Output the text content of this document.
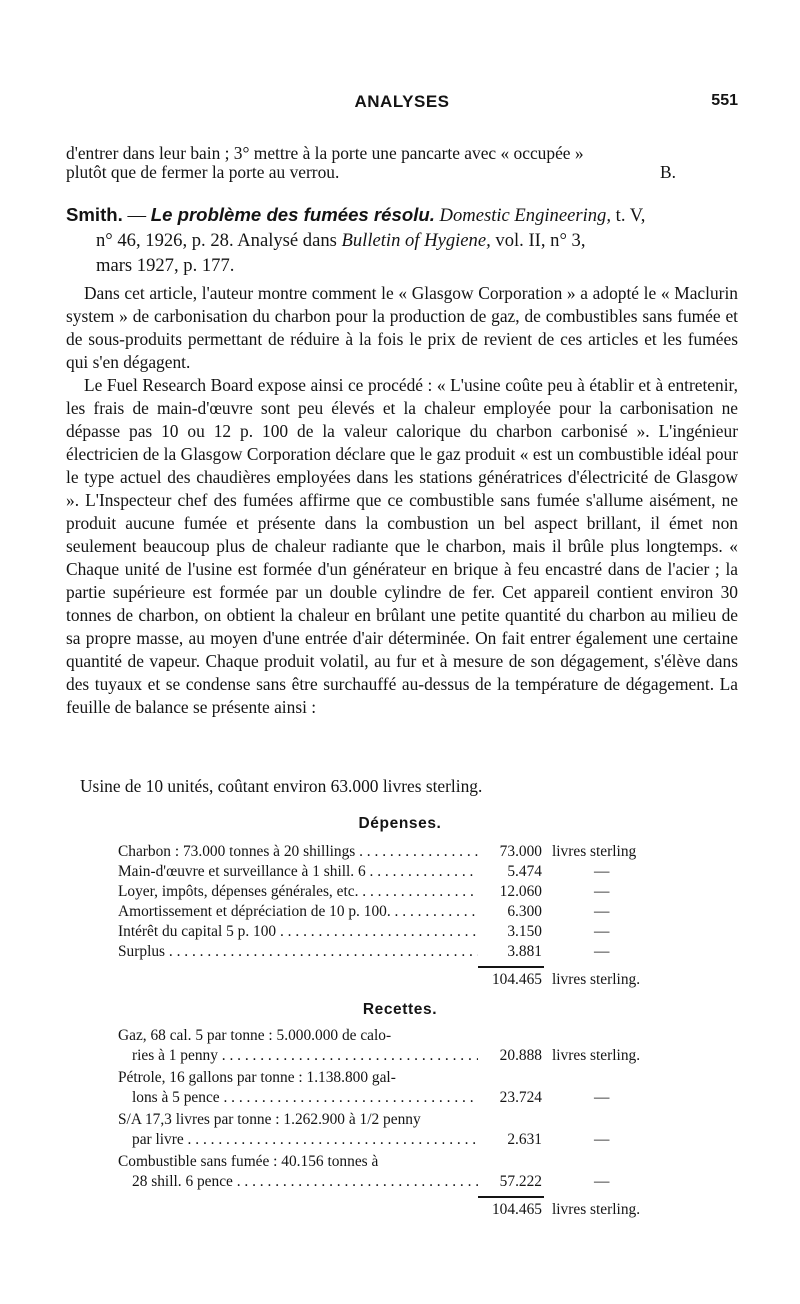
ANALYSES	551
d'entrer dans leur bain ; 3° mettre à la porte une pancarte avec « occupée »
plutôt que de fermer la porte au verrou.	B.
Smith. — Le problème des fumées résolu. Domestic Engineering, t. V,
n° 46, 1926, p. 28. Analysé dans Bulletin of Hygiene, vol. II, n° 3,
mars 1927, p. 177.
Dans cet article, l'auteur montre comment le « Glasgow Corporation » a adopté le « Maclurin system » de carbonisation du charbon pour la production de gaz, de combustibles sans fumée et de sous-produits permettant de réduire à la fois le prix de revient de ces articles et les fumées qui s'en dégagent.
Le Fuel Research Board expose ainsi ce procédé : « L'usine coûte peu à établir et à entretenir, les frais de main-d'œuvre sont peu élevés et la chaleur employée pour la carbonisation ne dépasse pas 10 ou 12 p. 100 de la valeur calorique du charbon carbonisé ». L'ingénieur électricien de la Glasgow Corporation déclare que le gaz produit « est un combustible idéal pour le type actuel des chaudières employées dans les stations génératrices d'électricité de Glasgow ». L'Inspecteur chef des fumées affirme que ce combustible sans fumée s'allume aisément, ne produit aucune fumée et présente dans la combustion un bel aspect brillant, il émet non seulement beaucoup plus de chaleur radiante que le charbon, mais il brûle plus longtemps. « Chaque unité de l'usine est formée d'un générateur en brique à feu encastré dans de l'acier ; la partie supérieure est formée par un double cylindre de fer. Cet appareil contient environ 30 tonnes de charbon, on obtient la chaleur en brûlant une petite quantité du charbon au milieu de sa propre masse, au moyen d'une entrée d'air déterminée. On fait entrer également une certaine quantité de vapeur. Chaque produit volatil, au fur et à mesure de son dégagement, s'élève dans des tuyaux et se condense sans être surchauffé au-dessus de la température de dégagement. La feuille de balance se présente ainsi :
Usine de 10 unités, coûtant environ 63.000 livres sterling.
Dépenses.
Charbon : 73.000 tonnes à 20 shillings . . .	73.000 livres sterling
Main-d'œuvre et surveillance à 1 shill. 6 . . .	5.474	—
Loyer, impôts, dépenses générales, etc. . . .	12.060	—
Amortissement et dépréciation de 10 p. 100. . . .	6.300	—
Intérêt du capital 5 p. 100 . . .	3.150	—
Surplus . . .	3.881	—
104.465 livres sterling.
Recettes.
Gaz, 68 cal. 5 par tonne : 5.000.000 de calo-
ries à 1 penny . . .	20.888 livres sterling.
Pétrole, 16 gallons par tonne : 1.138.800 gal-
lons à 5 pence . . .	23.724	—
S/A 17,3 livres par tonne : 1.262.900 à 1/2 penny
par livre . . .	2.631	—
Combustible sans fumée : 40.156 tonnes à
28 shill. 6 pence . . .	57.222	—
104.465 livres sterling.
